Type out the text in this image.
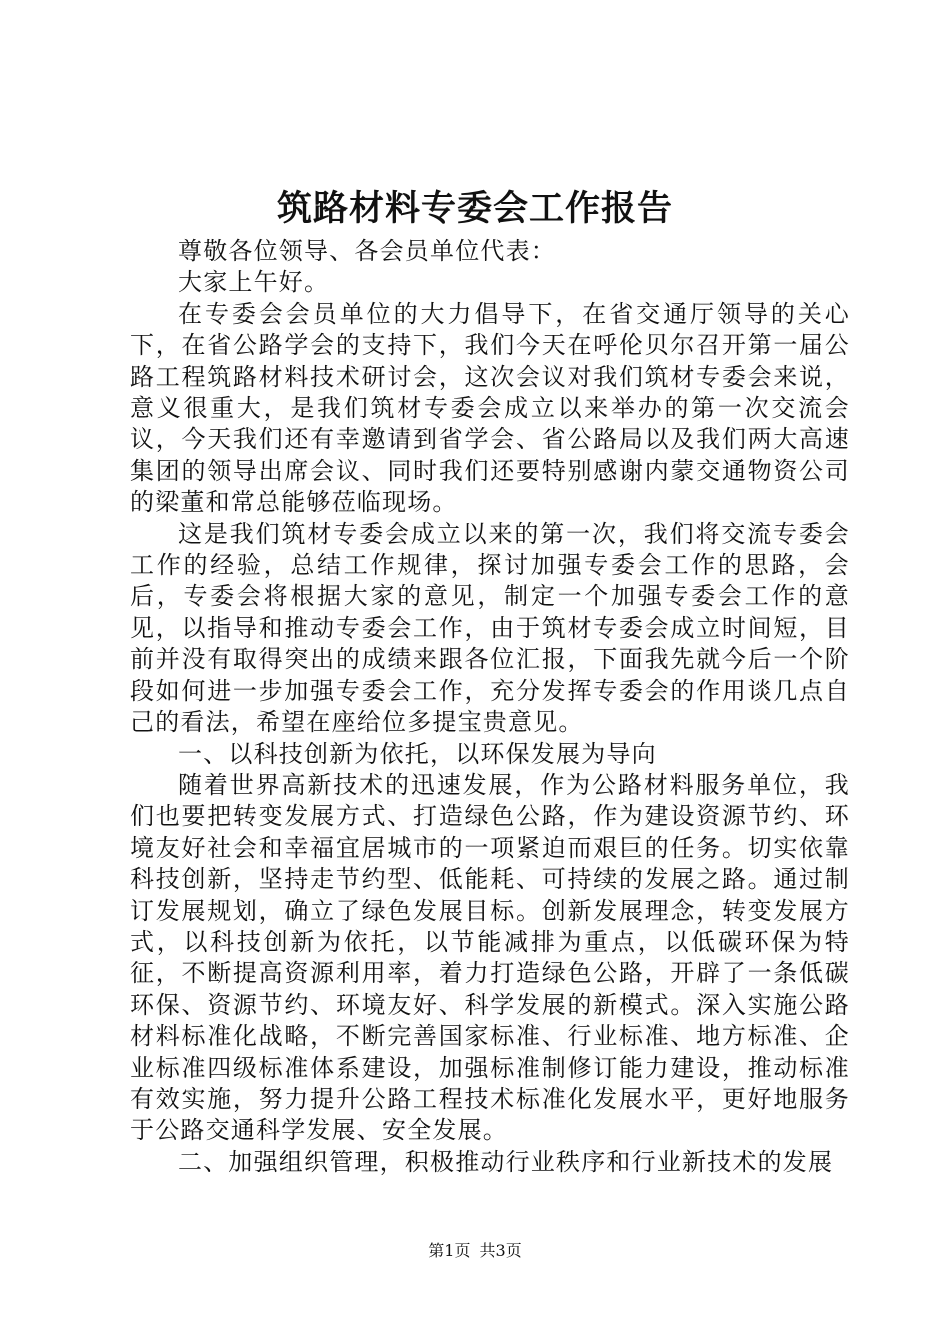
筑路材料专委会工作报告

尊敬各位领导、各会员单位代表：

大家上午好。

在专委会会员单位的大力倡导下，在省交通厅领导的关心下，在省公路学会的支持下，我们今天在呼伦贝尔召开第一届公路工程筑路材料技术研讨会，这次会议对我们筑材专委会来说，意义很重大，是我们筑材专委会成立以来举办的第一次交流会议，今天我们还有幸邀请到省学会、省公路局以及我们两大高速集团的领导出席会议、同时我们还要特别感谢内蒙交通物资公司的梁董和常总能够莅临现场。

这是我们筑材专委会成立以来的第一次，我们将交流专委会工作的经验，总结工作规律，探讨加强专委会工作的思路，会后，专委会将根据大家的意见，制定一个加强专委会工作的意见，以指导和推动专委会工作，由于筑材专委会成立时间短，目前并没有取得突出的成绩来跟各位汇报，下面我先就今后一个阶段如何进一步加强专委会工作，充分发挥专委会的作用谈几点自己的看法，希望在座给位多提宝贵意见。

一、以科技创新为依托，以环保发展为导向

随着世界高新技术的迅速发展，作为公路材料服务单位，我们也要把转变发展方式、打造绿色公路，作为建设资源节约、环境友好社会和幸福宜居城市的一项紧迫而艰巨的任务。切实依靠科技创新，坚持走节约型、低能耗、可持续的发展之路。通过制订发展规划，确立了绿色发展目标。创新发展理念，转变发展方式，以科技创新为依托，以节能减排为重点，以低碳环保为特征，不断提高资源利用率，着力打造绿色公路，开辟了一条低碳环保、资源节约、环境友好、科学发展的新模式。深入实施公路材料标准化战略，不断完善国家标准、行业标准、地方标准、企业标准四级标准体系建设，加强标准制修订能力建设，推动标准有效实施，努力提升公路工程技术标准化发展水平，更好地服务于公路交通科学发展、安全发展。

二、加强组织管理，积极推动行业秩序和行业新技术的发展

第1页 共3页
